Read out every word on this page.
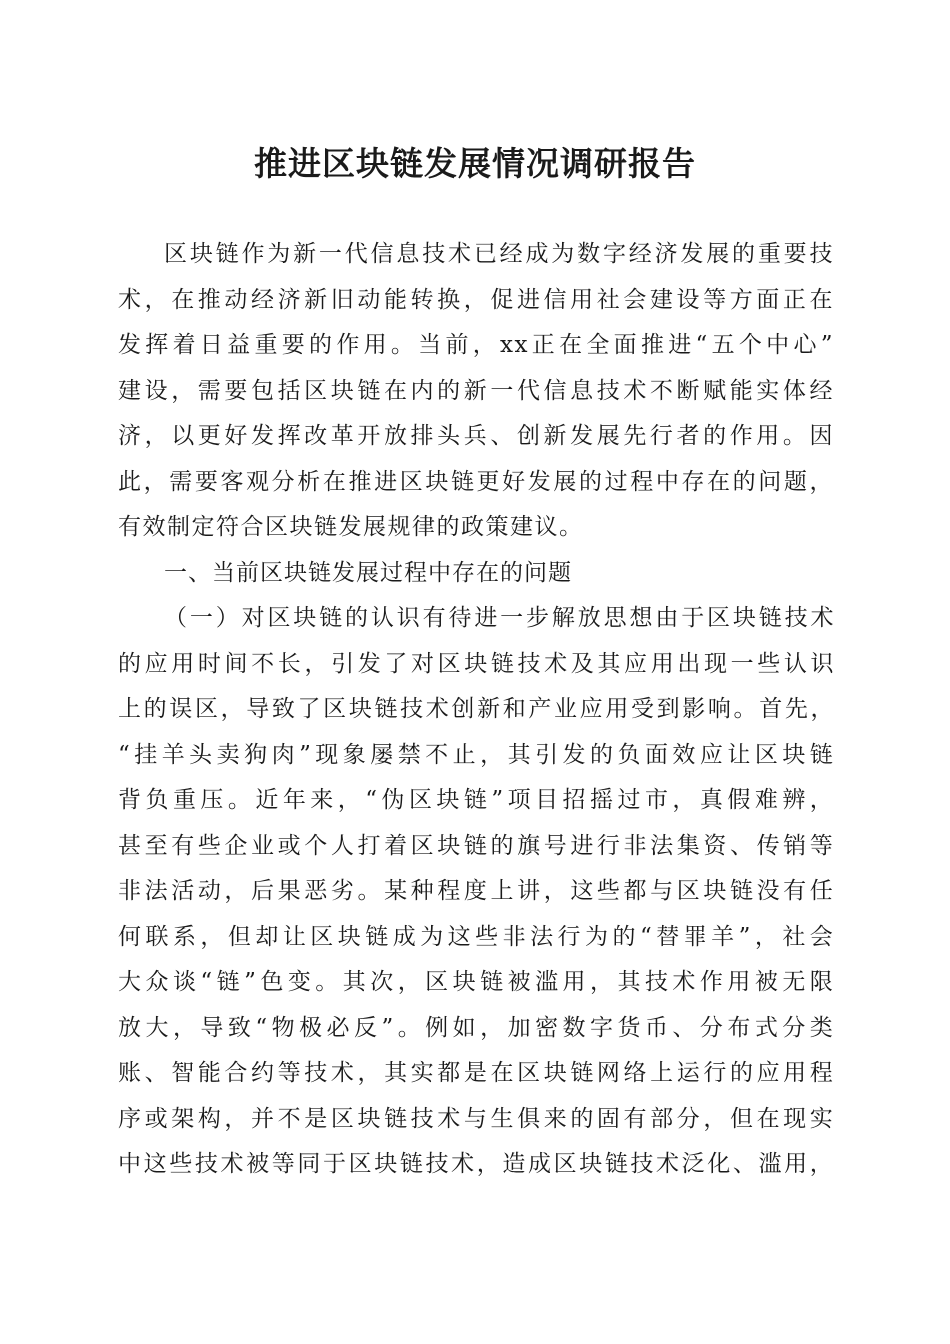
推进区块链发展情况调研报告
区块链作为新一代信息技术已经成为数字经济发展的重要技
术，在推动经济新旧动能转换，促进信用社会建设等方面正在
发挥着日益重要的作用。当前，xx正在全面推进“五个中心”
建设，需要包括区块链在内的新一代信息技术不断赋能实体经
济，以更好发挥改革开放排头兵、创新发展先行者的作用。因
此，需要客观分析在推进区块链更好发展的过程中存在的问题，
有效制定符合区块链发展规律的政策建议。
一、当前区块链发展过程中存在的问题
（一）对区块链的认识有待进一步解放思想由于区块链技术
的应用时间不长，引发了对区块链技术及其应用出现一些认识
上的误区，导致了区块链技术创新和产业应用受到影响。首先，
“挂羊头卖狗肉”现象屡禁不止，其引发的负面效应让区块链
背负重压。近年来，“伪区块链”项目招摇过市，真假难辨，
甚至有些企业或个人打着区块链的旗号进行非法集资、传销等
非法活动，后果恶劣。某种程度上讲，这些都与区块链没有任
何联系，但却让区块链成为这些非法行为的“替罪羊”，社会
大众谈“链”色变。其次，区块链被滥用，其技术作用被无限
放大，导致“物极必反”。例如，加密数字货币、分布式分类
账、智能合约等技术，其实都是在区块链网络上运行的应用程
序或架构，并不是区块链技术与生俱来的固有部分，但在现实
中这些技术被等同于区块链技术，造成区块链技术泛化、滥用，
